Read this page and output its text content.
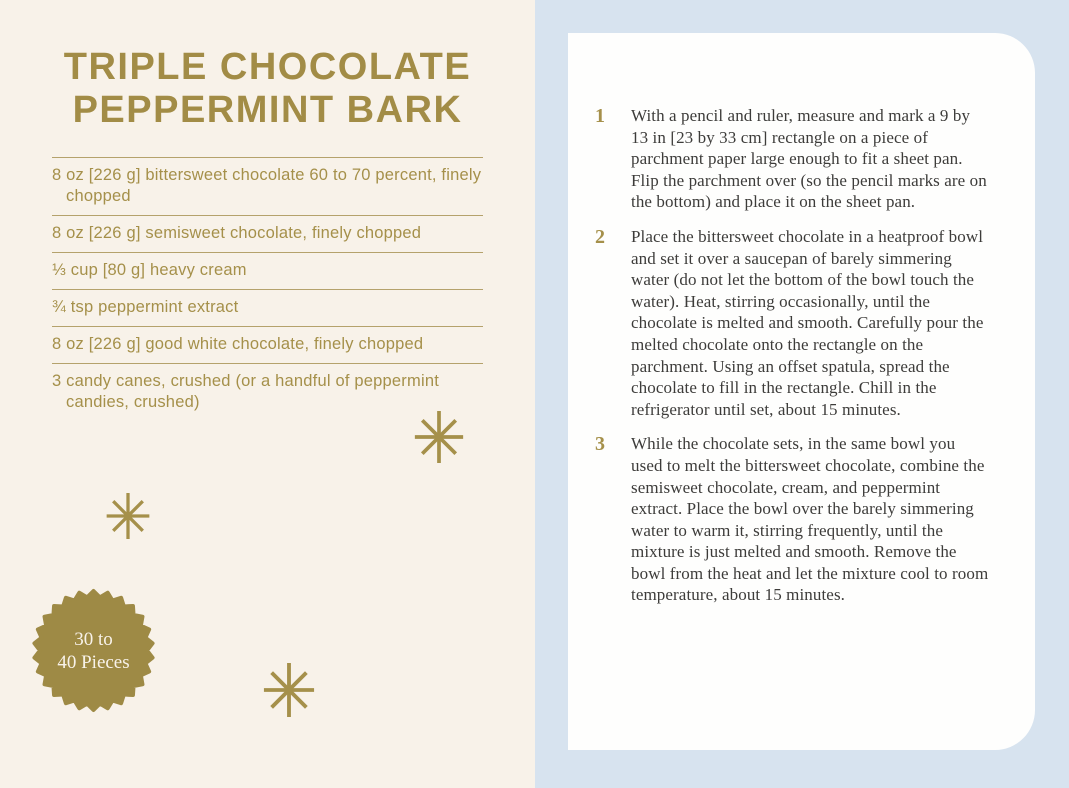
TRIPLE CHOCOLATE
PEPPERMINT BARK
8 oz [226 g] bittersweet chocolate 60 to 70 percent, finely chopped
8 oz [226 g] semisweet chocolate, finely chopped
⅓ cup [80 g] heavy cream
¾ tsp peppermint extract
8 oz [226 g] good white chocolate, finely chopped
3 candy canes, crushed (or a handful of peppermint candies, crushed)
30 to
40 Pieces
1	With a pencil and ruler, measure and mark a 9 by 13 in [23 by 33 cm] rectangle on a piece of parchment paper large enough to fit a sheet pan. Flip the parchment over (so the pencil marks are on the bottom) and place it on the sheet pan.
2	Place the bittersweet chocolate in a heatproof bowl and set it over a saucepan of barely simmering water (do not let the bottom of the bowl touch the water). Heat, stirring occasionally, until the chocolate is melted and smooth. Carefully pour the melted chocolate onto the rectangle on the parchment. Using an offset spatula, spread the chocolate to fill in the rectangle. Chill in the refrigerator until set, about 15 minutes.
3	While the chocolate sets, in the same bowl you used to melt the bittersweet chocolate, combine the semisweet chocolate, cream, and peppermint extract. Place the bowl over the barely simmering water to warm it, stirring frequently, until the mixture is just melted and smooth. Remove the bowl from the heat and let the mixture cool to room temperature, about 15 minutes.
